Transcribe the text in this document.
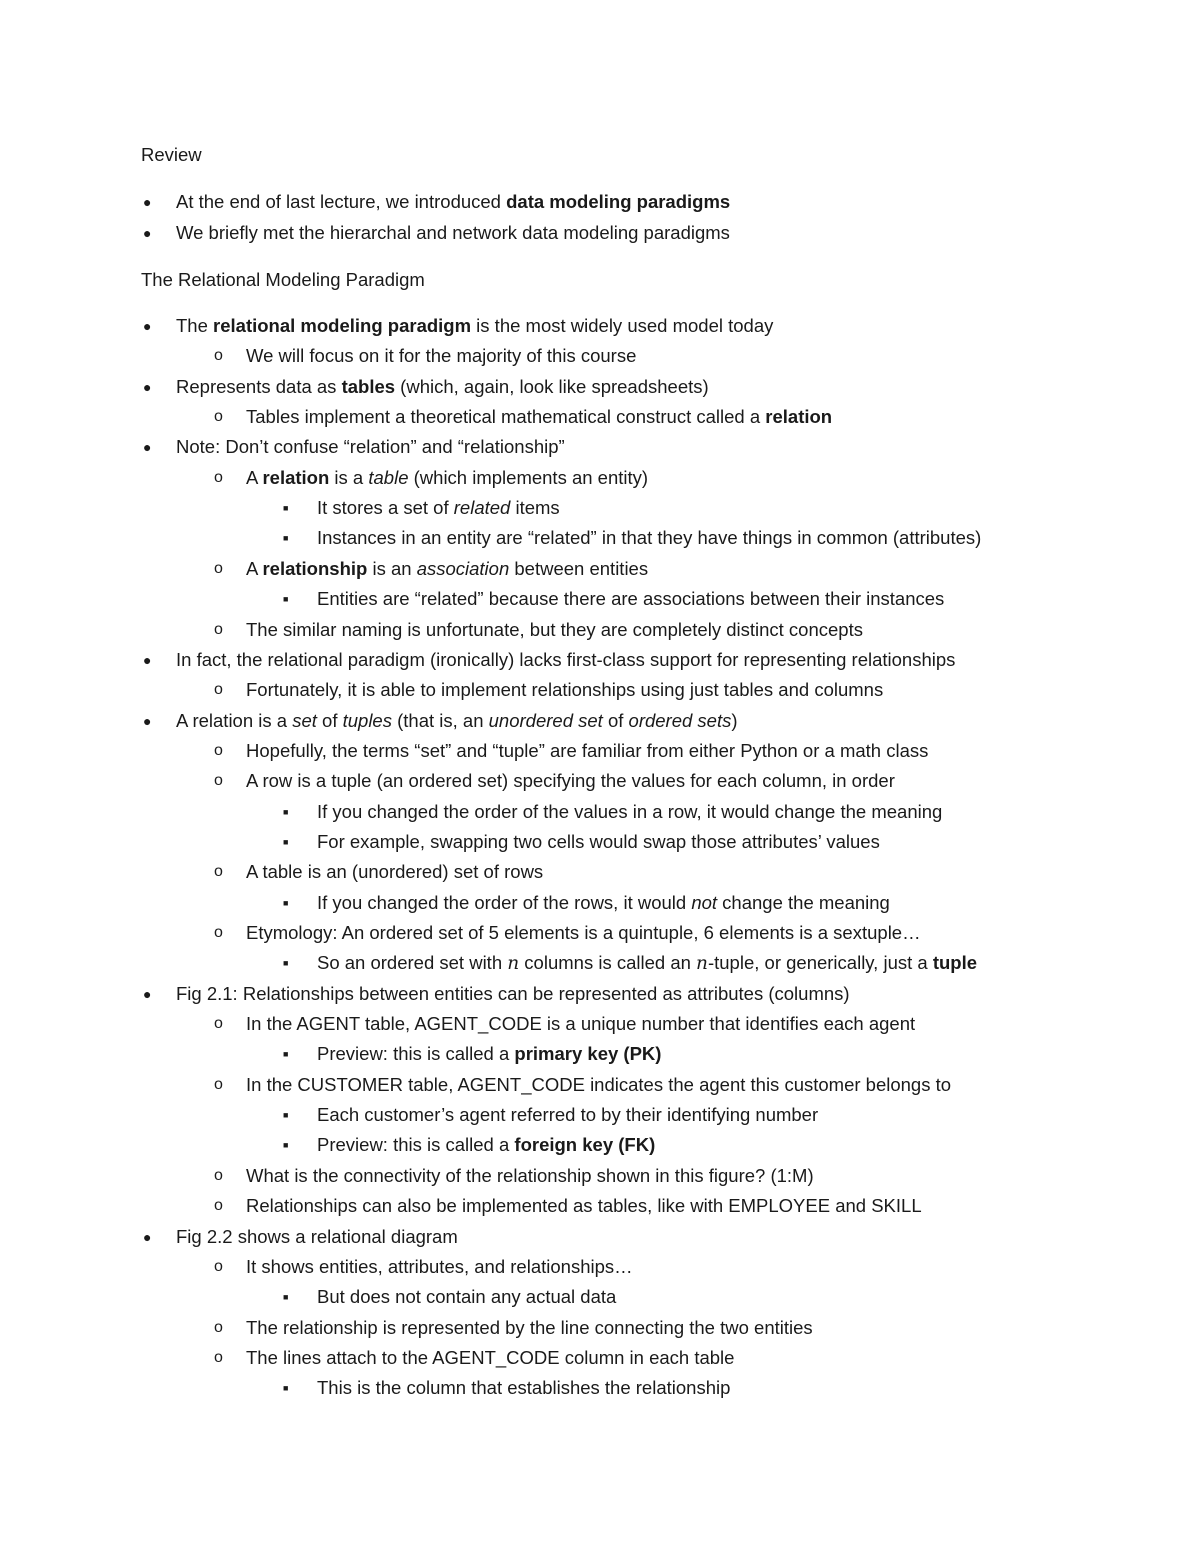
Review
● At the end of last lecture, we introduced data modeling paradigms
● We briefly met the hierarchal and network data modeling paradigms
The Relational Modeling Paradigm
● The relational modeling paradigm is the most widely used model today
o We will focus on it for the majority of this course
● Represents data as tables (which, again, look like spreadsheets)
o Tables implement a theoretical mathematical construct called a relation
● Note: Don’t confuse “relation” and “relationship”
o A relation is a table (which implements an entity)
■ It stores a set of related items
■ Instances in an entity are “related” in that they have things in common (attributes)
o A relationship is an association between entities
■ Entities are “related” because there are associations between their instances
o The similar naming is unfortunate, but they are completely distinct concepts
● In fact, the relational paradigm (ironically) lacks first-class support for representing relationships
o Fortunately, it is able to implement relationships using just tables and columns
● A relation is a set of tuples (that is, an unordered set of ordered sets)
o Hopefully, the terms “set” and “tuple” are familiar from either Python or a math class
o A row is a tuple (an ordered set) specifying the values for each column, in order
■ If you changed the order of the values in a row, it would change the meaning
■ For example, swapping two cells would swap those attributes’ values
o A table is an (unordered) set of rows
■ If you changed the order of the rows, it would not change the meaning
o Etymology: An ordered set of 5 elements is a quintuple, 6 elements is a sextuple…
■ So an ordered set with n columns is called an n-tuple, or generically, just a tuple
● Fig 2.1: Relationships between entities can be represented as attributes (columns)
o In the AGENT table, AGENT_CODE is a unique number that identifies each agent
■ Preview: this is called a primary key (PK)
o In the CUSTOMER table, AGENT_CODE indicates the agent this customer belongs to
■ Each customer’s agent referred to by their identifying number
■ Preview: this is called a foreign key (FK)
o What is the connectivity of the relationship shown in this figure? (1:M)
o Relationships can also be implemented as tables, like with EMPLOYEE and SKILL
● Fig 2.2 shows a relational diagram
o It shows entities, attributes, and relationships…
■ But does not contain any actual data
o The relationship is represented by the line connecting the two entities
o The lines attach to the AGENT_CODE column in each table
■ This is the column that establishes the relationship
